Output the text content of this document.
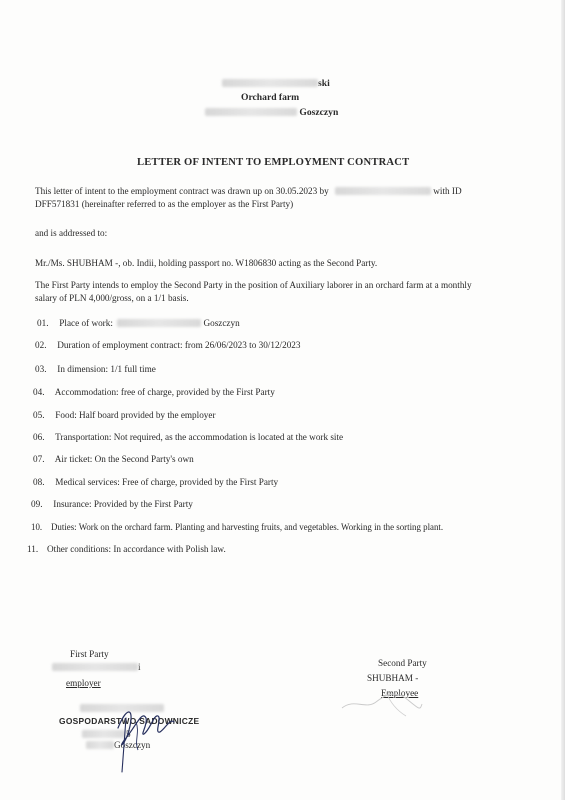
ski
Orchard farm
Goszczyn
LETTER OF INTENT TO EMPLOYMENT CONTRACT
This letter of intent to the employment contract was drawn up on 30.05.2023 by	with ID
DFF571831 (hereinafter referred to as the employer as the First Party)
and is addressed to:
Mr./Ms. SHUBHAM -, ob. Indii, holding passport no. W1806830 acting as the Second Party.
The First Party intends to employ the Second Party in the position of Auxiliary laborer in an orchard farm at a monthly
salary of PLN 4,000/gross, on a 1/1 basis.
01. Place of work:	Goszczyn
02. Duration of employment contract: from 26/06/2023 to 30/12/2023
03. In dimension: 1/1 full time
04. Accommodation: free of charge, provided by the First Party
05. Food: Half board provided by the employer
06. Transportation: Not required, as the accommodation is located at the work site
07. Air ticket: On the Second Party's own
08. Medical services: Free of charge, provided by the First Party
09. Insurance: Provided by the First Party
10. Duties: Work on the orchard farm. Planting and harvesting fruits, and vegetables. Working in the sorting plant.
11. Other conditions: In accordance with Polish law.
First Party
i
employer
GOSPODARSTWO SADOWNICZE
5
Goszczyn
Second Party
SHUBHAM -
Employee
